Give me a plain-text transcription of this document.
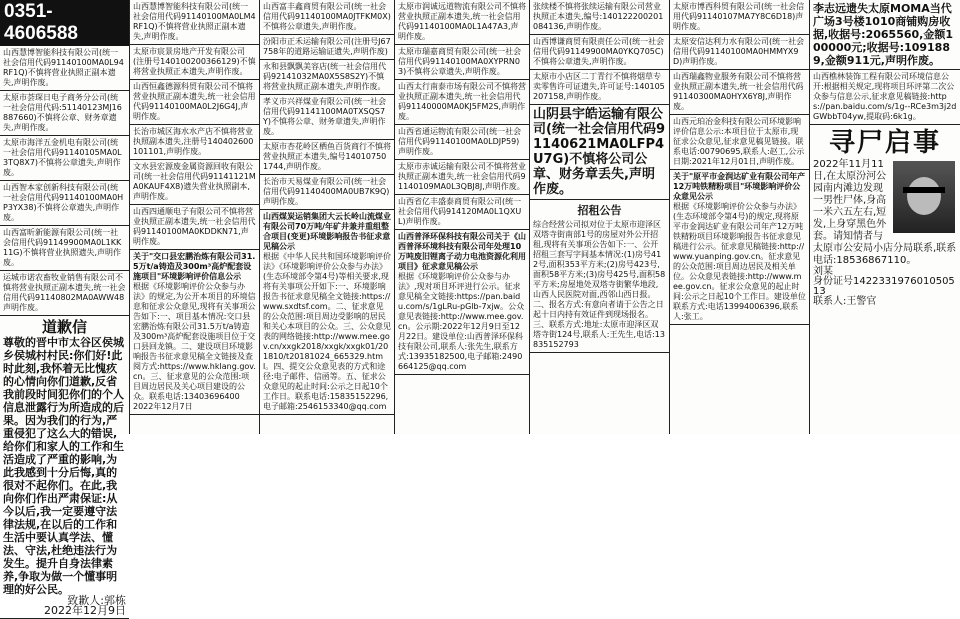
0351-4606588
山西慧博智能科技有限公司(统一社会信用代码91140100MA0L94RF1Q)不慎将营业执照正副本遗失,声明作废。
太原市荟琛日电子商务分公司(统一社会信用代码:51140123MJ16887660)不慎将公章、财务章遗失,声明作废。
太原市海洋五金机电有限公司(统一社会信用代码91140105MA0L3TQ8X7)不慎将公章遗失,声明作废。
山西智本家创新科技有限公司(统一社会信用代码91140100MA0HP3YX38)不慎将公章遗失,声明作废。
山西富昕新能源有限公司(统一社会信用代码91149900MA0L1KK11G)不慎将营业执照遗失,声明作废。
运城市诺农畜牧业销售有限公司不慎将营业执照正副本遗失,统一社会信用代码91140802MA0AWW48声明作废。
道歉信
尊敬的晋中市太谷区侯城乡侯城村村民:你们好!此时此刻,我怀着无比愧疚的心情向你们道歉,反省我前段时间犯你们的个人信息泄露行为所造成的后果。因为我们的行为,严重侵犯了这么大的错误,给你们和家人的工作和生活造成了严重的影响,为此我感到十分后悔,真的很对不起你们。在此,我向你们作出严肃保证:从今以后,我一定要遵守法律法规,在以后的工作和生活中要认真学法、懂法、守法,杜绝违法行为发生。提升自身法律素养,争取为做一个懂事明理的好公民。
致歉人:郭栋
2022年12月9日
山西慧博智能科技有限公司(统一社会信用代码91140100MA0LM4RF1Q)不慎将营业执照正副本遗失,声明作废。
太原市宸景房地产开发有限公司(注册号140100200366129)不慎将营业执照正本遗失,声明作废。
山西恒鑫德源科贸有限公司不慎将营业执照正副本遗失,统一社会信用代码91140100MA0L2J6G4J,声明作废。
长治市城区海水水产店不慎将营业执照副本遗失,注册号140402600101101,声明作废。
文水县宏源废金属资源回收有限公司(统一社会信用代码91141121MA0KAUF4X8)遗失营业执照副本,声明作废。
山西四通顺电子有限公司不慎将营业执照正副本遗失,统一社会信用代码91140100MA0KDDKN71,声明作废。
关于"交口县宏鹏治炼有限公司31.5万t/a铸造及300m³高炉配套设施项目"环境影响评价信息公示
根据《环境影响评价公众参与办法》的规定,为公开本项目的环境信息和征求公众意见,现将有关事项公告如下:一、项目基本情况:交口县宏鹏治炼有限公司31.5万t/a铸造及300m³高炉配套设施项目位于交口县回龙镇。二、建设项目环境影响报告书征求意见稿全文链接及查阅方式:https://www.hklang.gov.cn。三、征求意见的公众范围:项目周边居民及关心项目建设的公众。联系电话:13403696400
2022年12月7日
山西富丰鑫商贸有限公司(统一社会信用代码91140100MA0JTFKM0X)不慎将公章遗失,声明作废。
汾阳市正禾运输有限公司(注册号J67758年的道路运输证遗失,声明作废)
永和县飘飘美容店(统一社会信用代码92141032MA0X5S8S2Y)不慎将营业执照正副本遗失,声明作废。
孝义市兴祥煤业有限公司(统一社会信用代码91141100MA0TXSQS7Y)不慎将公章、财务章遗失,声明作废。
太原市杏花岭区栖鱼百货商行不慎将营业执照正本遗失,编号140107501744,声明作废。
长治市天易煤业有限公司(统一社会信用代码91140400MA0UB7K9Q)声明作废。
山西煤炭运销集团大云长岭山流煤业有限公司70万吨/年矿井兼并重组整合项目(变更)环境影响报告书征求意见稿公示
根据《中华人民共和国环境影响评价法》《环境影响评价公众参与办法》(生态环境部令第4号)等相关要求,现将有关事项公开如下:一、环境影响报告书征求意见稿全文链接:https://www.sxdtsf.com。二、征求意见的公众范围:项目周边受影响的居民和关心本项目的公众。三、公众意见表的网络链接:http://www.mee.gov.cn/xxgk2018/xxgk/xxgk01/201810/t20181024_665329.html。四、提交公众意见表的方式和途径:电子邮件、信函等。五、征求公众意见的起止时间:公示之日起10个工作日。联系电话:15835152296,电子邮箱:2546153340@qq.com
太原市润诚远道物流有限公司不慎将营业执照正副本遗失,统一社会信用代码91140100MA0L1A47A3,声明作废。
太原市瑞嘉商贸有限公司(统一社会信用代码91140100MA0XYPRN03)不慎将公章遗失,声明作废。
山西太行南泰市场有限公司不慎将营业执照正副本遗失,统一社会信用代码91140000MA0KJ5FM2S,声明作废。
山西省通运物流有限公司(统一社会信用代码91140100MA0LDJP59)声明作废。
太原市赤诚运输有限公司不慎将营业执照正副本遗失,统一社会信用代码91140109MA0L3QBJ8J,声明作废。
山西省亿丰盛泰商贸有限公司(统一社会信用代码914120MA0L1QXUL)声明作废。
山西普泽环保科技有限公司关于《山西普泽环境科技有限公司年处理10万吨废旧锂离子动力电池资源化利用项目》征求意见稿公示
根据《环境影响评价公众参与办法》,现对项目环评进行公示。征求意见稿全文链接:https://pan.baidu.com/s/1gLRu-pGlb-7xjw。公众意见表链接:http://www.mee.gov.cn。公示期:2022年12月9日至12月22日。建设单位:山西普泽环保科技有限公司,联系人:张先生,联系方式:13935182500,电子邮箱:2490664125@qq.com
张续楼不慎将张续运输有限公司营业执照正本遗失,编号:140122200201084136,声明作废。
山西博谦商贸有限责任公司(统一社会信用代码91149900MA0YKQ705C)不慎将公章遗失,声明作废。
太原市小店区二丁青行不慎将烟草专卖零售许可证遗失,许可证号:140105207158,声明作废。
山阴县宇皓运输有限公司(统一社会信用代码91140621MA0LFP4U7G)不慎将公司公章、财务章丢失,声明作废。
招租公告
综合经营公司拟对位于太原市迎泽区双塔寺街南部1号的房屋对外公开招租,现将有关事项公告如下:一、公开招租三套写字间基本情况:(1)房号412号,面积353平方米;(2)房号423号,面积58平方米;(3)房号425号,面积58平方米;房屋地处双塔寺街繁华地段,山西人民医院对面,西邻山西日报。二、报名方式:有意向者请于公告之日起十日内持有效证件到现场报名。三、联系方式:地址:太原市迎泽区双塔寺街124号,联系人:王先生,电话:13835152793
太原市博西科贸有限公司(统一社会信用代码91140107MA7Y8C6D18)声明作废。
太原安信达利力水有限公司(统一社会信用代码91140100MA0HMMYX9D)声明作废。
山西瑞鑫物业服务有限公司不慎将营业执照正副本遗失,统一社会信用代码91140300MA0HYX6Y8J,声明作废。
山西元珀冶金科技有限公司环境影响评价信息公示:本项目位于太原市,现征求公众意见,征求意见稿见链接。联系电话:00790695,联系人:赵工,公示日期:2021年12月01日,声明作废。
关于"原平市金润达矿业有限公司年产12万吨铁精粉项目"环境影响评价公众意见公示
根据《环境影响评价公众参与办法》(生态环境部令第4号)的规定,现将原平市金润达矿业有限公司年产12万吨铁精粉项目环境影响报告书征求意见稿进行公示。征求意见稿链接:http://www.yuanping.gov.cn。征求意见的公众范围:项目周边居民及相关单位。公众意见表链接:http://www.mee.gov.cn。征求公众意见的起止时间:公示之日起10个工作日。建设单位联系方式:电话13994006396,联系人:张工。
李志远遗失太原MOMA当代广场3号楼1010商铺购房收据,收据号:2065560,金额100000元;收据号:1091889,金额911元,声明作废。
山西樵林装饰工程有限公司环境信息公开:根据相关规定,现将项目环评第二次公众参与信息公示,征求意见稿链接:https://pan.baidu.com/s/1g--RCe3m3j2dGWbbT04yw,提取码:6k1g。
寻尸启事
2022年11月11日,在太原汾河公园南内滩边发现一男性尸体,身高一米六五左右,短发,上身穿黑色外套。请知情者与太原市公安局小店分局联系,联系电话:18536867110。
刘某
身份证号142233197601050513
联系人:王警官
